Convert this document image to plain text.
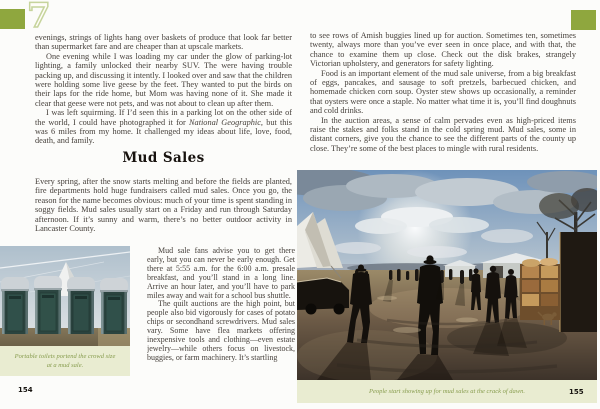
7

evenings, strings of lights hang over baskets of produce that look far better than supermarket fare and are cheaper than at upscale markets.

One evening while I was loading my car under the glow of parking-lot lighting, a family unlocked their nearby SUV. The were having trouble packing up, and discussing it intently. I looked over and saw that the children were holding some live geese by the feet. They wanted to put the birds on their laps for the ride home, but Mom was having none of it. She made it clear that geese were not pets, and was not about to clean up after them.

I was left squirming. If I’d seen this in a parking lot on the other side of the world, I could have photographed it for National Geographic, but this was 6 miles from my home. It challenged my ideas about life, love, food, death, and family.

Mud Sales

Every spring, after the snow starts melting and before the fields are planted, fire departments hold huge fundraisers called mud sales. Once you go, the reason for the name becomes obvious: much of your time is spent standing in soggy fields. Mud sales usually start on a Friday and run through Saturday afternoon. If it’s sunny and warm, there’s no better outdoor activity in Lancaster County.

Mud sale fans advise you to get there early, but you can never be early enough. Get there at 5:55 a.m. for the 6:00 a.m. presale breakfast, and you’ll stand in a long line. Arrive an hour later, and you’ll have to park miles away and wait for a school bus shuttle.

The quilt auctions are the high point, but people also bid vigorously for cases of potato chips or secondhand screwdrivers. Mud sales vary. Some have flea markets offering inexpensive tools and clothing—even estate jewelry—while others focus on livestock, buggies, or farm machinery. It’s startling

Portable toilets portend the crowd size at a mud sale.
154

to see rows of Amish buggies lined up for auction. Sometimes ten, sometimes twenty, always more than you’ve ever seen in once place, and with that, the chance to examine them up close. Check out the disk brakes, strangely Victorian upholstery, and generators for safety lighting.

Food is an important element of the mud sale universe, from a big breakfast of eggs, pancakes, and sausage to soft pretzels, barbecued chicken, and homemade chicken corn soup. Oyster stew shows up occasionally, a reminder that oysters were once a staple. No matter what time it is, you’ll find doughnuts and cold drinks.

In the auction areas, a sense of calm pervades even as high-priced items raise the stakes and folks stand in the cold spring mud. Mud sales, some in distant corners, give you the chance to see the different parts of the county up close. They’re some of the best places to mingle with rural residents.

People start showing up for mud sales at the crack of dawn.	155
